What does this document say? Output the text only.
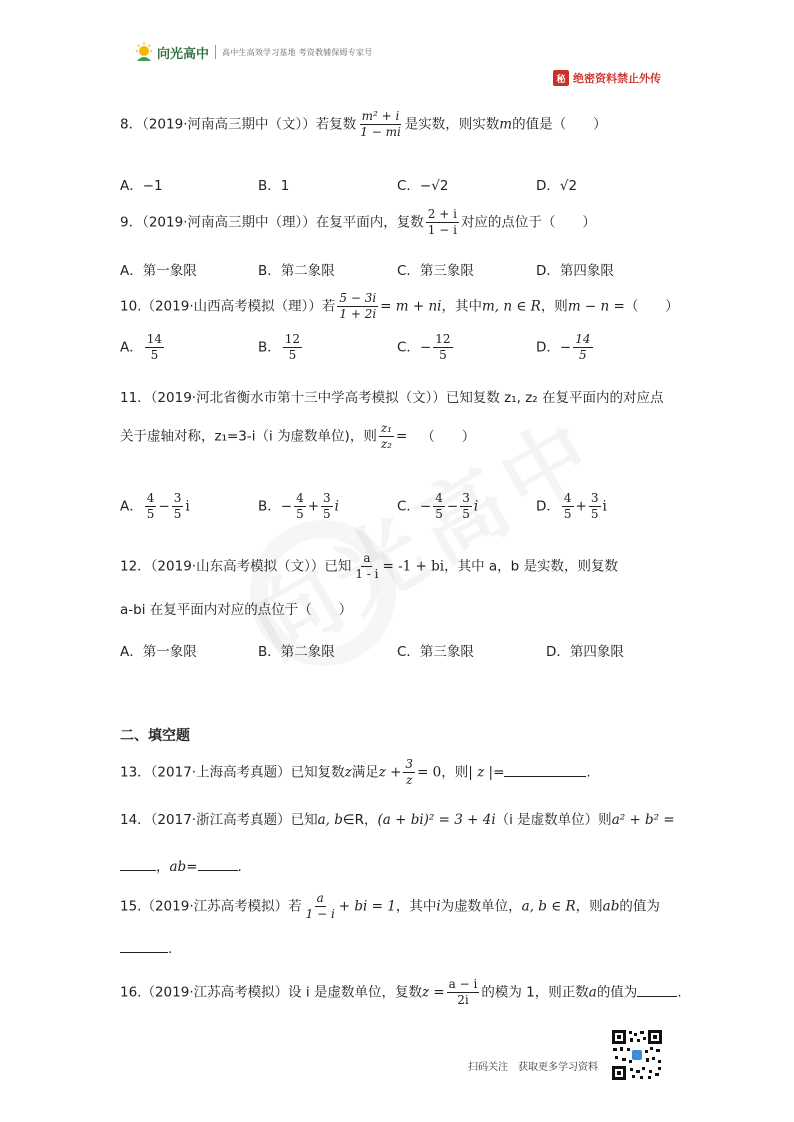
向光高中 高中生高效学习基地 考资教辅保姆专家号
秘 绝密资料禁止外传
8．（2019·河南高三期中（文））若复数 $\frac{\text{m² + i}}{1 - mi}$ 是实数，则实数m的值是（　　）
A．−1	B．1	C．−√2	D．√2
9．（2019·河南高三期中（理））在复平面内，复数 $\frac{2 + i}{1 - i}$ 对应的点位于（　　）
A．第一象限	B．第二象限	C．第三象限	D．第四象限
10.（2019·山西高考模拟（理））若 $\frac{5 - 3i}{1 + 2i} = m$ + ni，其中m, n ∈ R，则m − n =（　　）
A． $\frac{14}{5}$	B． $\frac{12}{5}$	C．− $\frac{12}{5}$	D．− $\frac{14}{5}$
11．（2019·河北省衡水市第十三中学高考模拟（文））已知复数 z₁, z₂ 在复平面内的对应点
关于虚轴对称，z₁=3-i（i 为虚数单位)，则 $\frac{\text{z₁}}{\text{z₂}}$ = （　　）
A． $\frac{4}{5} - \frac{3}{5}$ i	B．− $\frac{4}{5} + \frac{3}{5}$ i	C．− $\frac{4}{5} - \frac{3}{5}$ i	D． $\frac{4}{5} + \frac{3}{5}$ i
12．（2019·山东高考模拟（文））已知 $\frac{a}{1 - i} = -1$ + bi，其中 a，b 是实数，则复数
a-bi 在复平面内对应的点位于（　　）
A．第一象限	B．第二象限	C．第三象限	D．第四象限
二、填空题
13．（2017·上海高考真题）已知复数z满足$z + \frac{3}{z} = 0$，则| z |=	.
14．（2017·浙江高考真题）已知a, b∈R，(a + bi)² = 3 + 4i（i 是虚数单位）则a² + b² =
，ab=	.
15.（2019·江苏高考模拟）若 $\frac{a}{1 - i}$ + bi = 1，其中i为虚数单位，a, b ∈ R，则ab的值为
.
16.（2019·江苏高考模拟）设 i 是虚数单位，复数$z = \frac{a - i}{2i}$ 的模为 1，则正数a的值为	.
扫码关注　获取更多学习资料
